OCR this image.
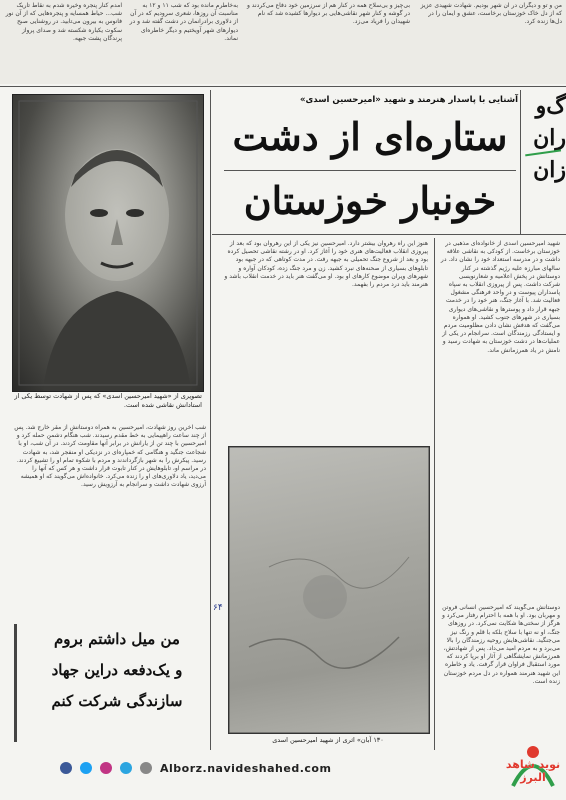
آمدم کنار پنجره وخیره شدم به نقاط تاریک شب... حیاط همسایه و پنجره‌هایی که از آن نور فانوس به بیرون می‌تابید. در روشنایی صبح سکوت یکباره شکسته شد و صدای پرواز پرندگان پشت جبهه.
به‌خاطرم مانده بود که شب ۱۱ و ۱۲ به مناسبت آن روزها، شعری سرودیم که در آن از دلاوری برادرانمان در دشت گفته شد و در دیوارهای شهر آویختیم و دیگر خاطره‌ای نماند.
بی‌چیز و بی‌سلاح همه در کنار هم از سرزمین خود دفاع می‌کردند و در گوشه و کنار شهر نقاشی‌هایی بر دیوارها کشیده شد که نام شهیدان را فریاد می‌زد.
من و تو و دیگران در آن شهر بودیم. شهادت شهیدی عزیز که از دل خاک خوزستان برخاست، عشق و ایمان را در دل‌ها زنده کرد.
تصویری از «شهید امیرحسین اسدی» که پس از شهادت توسط یکی از استادانش نقاشی شده است.
آشنایی با پاسدار هنرمند و شهید «امیرحسین اسدی»
ستاره‌ای از دشت
خونبار خوزستان
گ‌و
ران
زان
هنوز این راه رهروان بیشتر دارد. امیرحسین نیز یکی از این رهروان بود که بعد از پیروزی انقلاب فعالیت‌های هنری خود را آغاز کرد. او در رشته نقاشی تحصیل کرده بود و بعد از شروع جنگ تحمیلی به جبهه رفت. در مدت کوتاهی که در جبهه بود تابلوهای بسیاری از صحنه‌های نبرد کشید. زن و مرد جنگ زده، کودکان آواره و شهرهای ویران موضوع کارهای او بود. او می‌گفت هنر باید در خدمت انقلاب باشد و هنرمند باید درد مردم را بفهمد.
شهید امیرحسین اسدی از خانواده‌ای مذهبی در خوزستان برخاست. از کودکی به نقاشی علاقه داشت و در مدرسه استعداد خود را نشان داد. در سالهای مبارزه علیه رژیم گذشته در کنار دوستانش در پخش اعلامیه و شعارنویسی شرکت داشت. پس از پیروزی انقلاب به سپاه پاسداران پیوست و در واحد فرهنگی مشغول فعالیت شد. با آغاز جنگ، هنر خود را در خدمت جبهه قرار داد و پوسترها و نقاشی‌های دیواری بسیاری در شهرهای جنوب کشید. او همواره می‌گفت که هدفش نشان دادن مظلومیت مردم و ایستادگی رزمندگان است. سرانجام در یکی از عملیات‌ها در دشت خوزستان به شهادت رسید و نامش در یاد همرزمانش ماند.
دوستانش می‌گویند که امیرحسین انسانی فروتن و مهربان بود. او با همه با احترام رفتار می‌کرد و هرگز از سختی‌ها شکایت نمی‌کرد. در روزهای جنگ، او نه تنها با سلاح بلکه با قلم و رنگ نیز می‌جنگید. نقاشی‌هایش روحیه رزمندگان را بالا می‌برد و به مردم امید می‌داد. پس از شهادتش، همرزمانش نمایشگاهی از آثار او برپا کردند که مورد استقبال فراوان قرار گرفت. یاد و خاطره این شهید هنرمند همواره در دل مردم خوزستان زنده است.
شب آخرین روز شهادت، امیرحسین به همراه دوستانش از مقر خارج شد. پس از چند ساعت راهپیمایی به خط مقدم رسیدند. شب هنگام دشمن حمله کرد و امیرحسین با چند تن از یارانش در برابر آنها مقاومت کردند. در آن شب، او با شجاعت جنگید و هنگامی که خمپاره‌ای در نزدیکی او منفجر شد، به شهادت رسید. پیکرش را به شهر بازگرداندند و مردم با شکوه تمام او را تشییع کردند. در مراسم او، تابلوهایش در کنار تابوت قرار داشت و هر کس که آنها را می‌دید، یاد دلاوری‌های او را زنده می‌کرد. خانواده‌اش می‌گویند که او همیشه آرزوی شهادت داشت و سرانجام به آرزویش رسید.
۶۴
من میل داشتم بروم
و یک‌دفعه دراین جهاد
سازندگی شرکت کنم
۱۳۰ آبان» اثری از شهید امیرحسین اسدی
Alborz.navideshahed.com	نوید شاهد البرز
